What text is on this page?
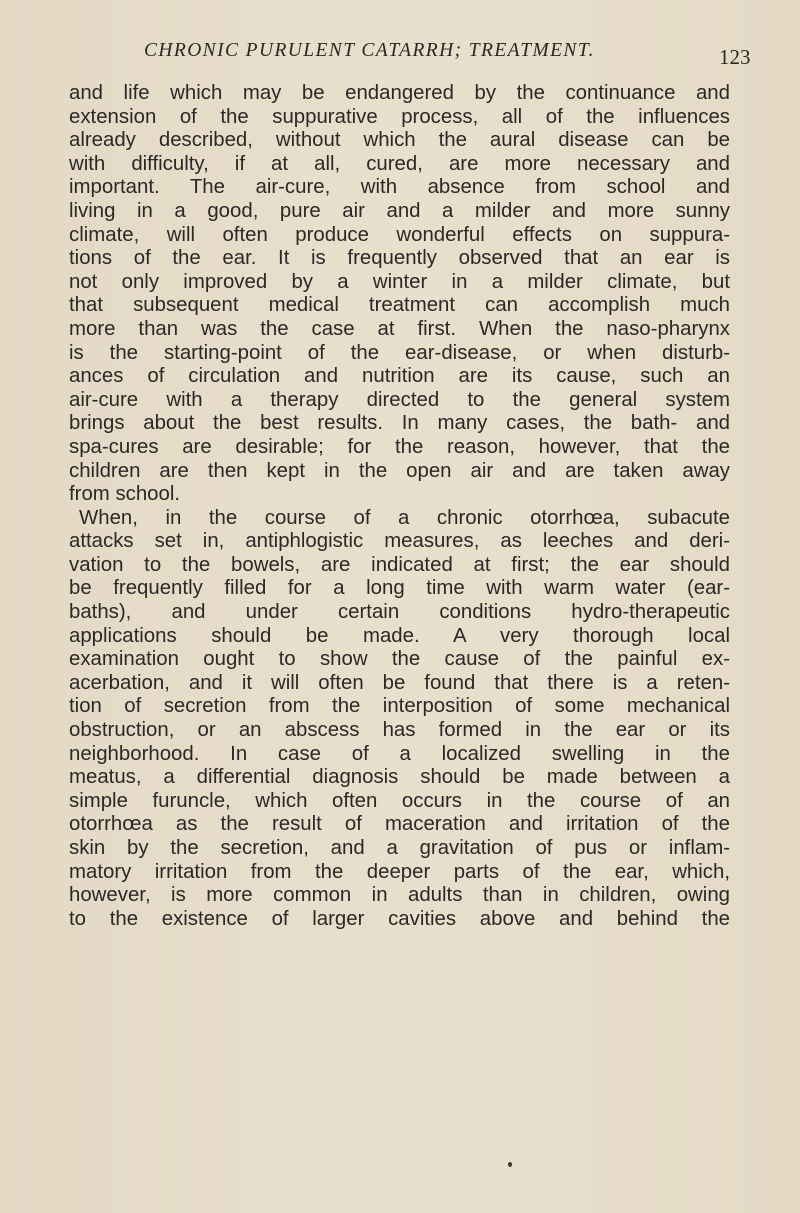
CHRONIC PURULENT CATARRH; TREATMENT.	123
and life which may be endangered by the continuance and
extension of the suppurative process, all of the influences
already described, without which the aural disease can be
with difficulty, if at all, cured, are more necessary and
important. The air-cure, with absence from school and
living in a good, pure air and a milder and more sunny
climate, will often produce wonderful effects on suppura-
tions of the ear. It is frequently observed that an ear is
not only improved by a winter in a milder climate, but
that subsequent medical treatment can accomplish much
more than was the case at first. When the naso-pharynx
is the starting-point of the ear-disease, or when disturb-
ances of circulation and nutrition are its cause, such an
air-cure with a therapy directed to the general system
brings about the best results. In many cases, the bath- and
spa-cures are desirable; for the reason, however, that the
children are then kept in the open air and are taken away
from school.
When, in the course of a chronic otorrhœa, subacute
attacks set in, antiphlogistic measures, as leeches and deri-
vation to the bowels, are indicated at first; the ear should
be frequently filled for a long time with warm water (ear-
baths), and under certain conditions hydro-therapeutic
applications should be made. A very thorough local
examination ought to show the cause of the painful ex-
acerbation, and it will often be found that there is a reten-
tion of secretion from the interposition of some mechanical
obstruction, or an abscess has formed in the ear or its
neighborhood. In case of a localized swelling in the
meatus, a differential diagnosis should be made between a
simple furuncle, which often occurs in the course of an
otorrhœa as the result of maceration and irritation of the
skin by the secretion, and a gravitation of pus or inflam-
matory irritation from the deeper parts of the ear, which,
however, is more common in adults than in children, owing
to the existence of larger cavities above and behind the
